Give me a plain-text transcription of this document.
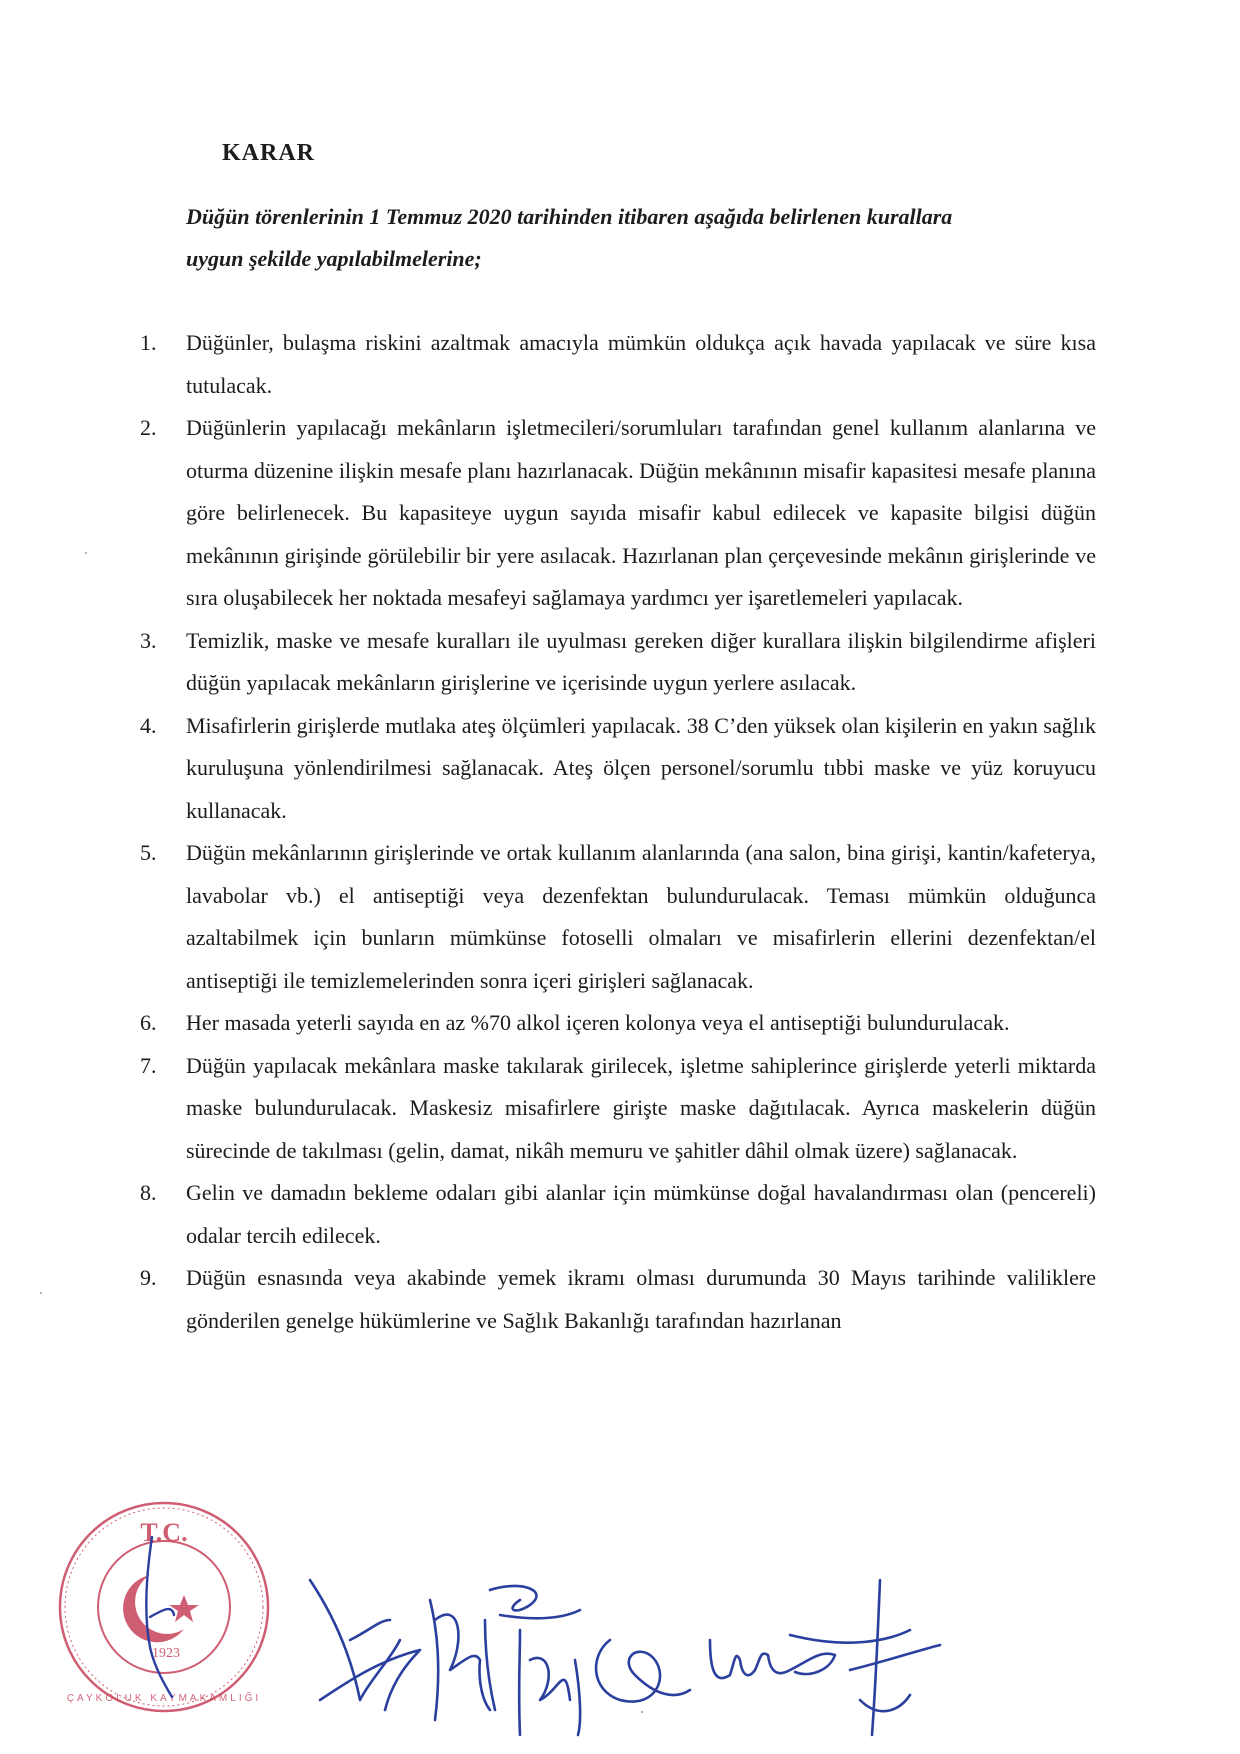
KARAR
Düğün törenlerinin 1 Temmuz 2020 tarihinden itibaren aşağıda belirlenen kurallara
uygun şekilde yapılabilmelerine;
1.	Düğünler, bulaşma riskini azaltmak amacıyla mümkün oldukça açık havada yapılacak ve süre kısa tutulacak.
2.	Düğünlerin yapılacağı mekânların işletmecileri/sorumluları tarafından genel kullanım alanlarına ve oturma düzenine ilişkin mesafe planı hazırlanacak. Düğün mekânının misafir kapasitesi mesafe planına göre belirlenecek. Bu kapasiteye uygun sayıda misafir kabul edilecek ve kapasite bilgisi düğün mekânının girişinde görülebilir bir yere asılacak. Hazırlanan plan çerçevesinde mekânın girişlerinde ve sıra oluşabilecek her noktada mesafeyi sağlamaya yardımcı yer işaretlemeleri yapılacak.
3.	Temizlik, maske ve mesafe kuralları ile uyulması gereken diğer kurallara ilişkin bilgilendirme afişleri düğün yapılacak mekânların girişlerine ve içerisinde uygun yerlere asılacak.
4.	Misafirlerin girişlerde mutlaka ateş ölçümleri yapılacak. 38 C’den yüksek olan kişilerin en yakın sağlık kuruluşuna yönlendirilmesi sağlanacak. Ateş ölçen personel/sorumlu tıbbi maske ve yüz koruyucu kullanacak.
5.	Düğün mekânlarının girişlerinde ve ortak kullanım alanlarında (ana salon, bina girişi, kantin/kafeterya, lavabolar vb.) el antiseptiği veya dezenfektan bulundurulacak. Teması mümkün olduğunca azaltabilmek için bunların mümkünse fotoselli olmaları ve misafirlerin ellerini dezenfektan/el antiseptiği ile temizlemelerinden sonra içeri girişleri sağlanacak.
6.	Her masada yeterli sayıda en az %70 alkol içeren kolonya veya el antiseptiği bulundurulacak.
7.	Düğün yapılacak mekânlara maske takılarak girilecek, işletme sahiplerince girişlerde yeterli miktarda maske bulundurulacak. Maskesiz misafirlere girişte maske dağıtılacak. Ayrıca maskelerin düğün sürecinde de takılması (gelin, damat, nikâh memuru ve şahitler dâhil olmak üzere) sağlanacak.
8.	Gelin ve damadın bekleme odaları gibi alanlar için mümkünse doğal havalandırması olan (pencereli) odalar tercih edilecek.
9.	Düğün esnasında veya akabinde yemek ikramı olması durumunda 30 Mayıs tarihinde valiliklere gönderilen genelge hükümlerine ve Sağlık Bakanlığı tarafından hazırlanan
T.C.
1923
ÇAYKOLUK KAYMAKAMLIĞI
